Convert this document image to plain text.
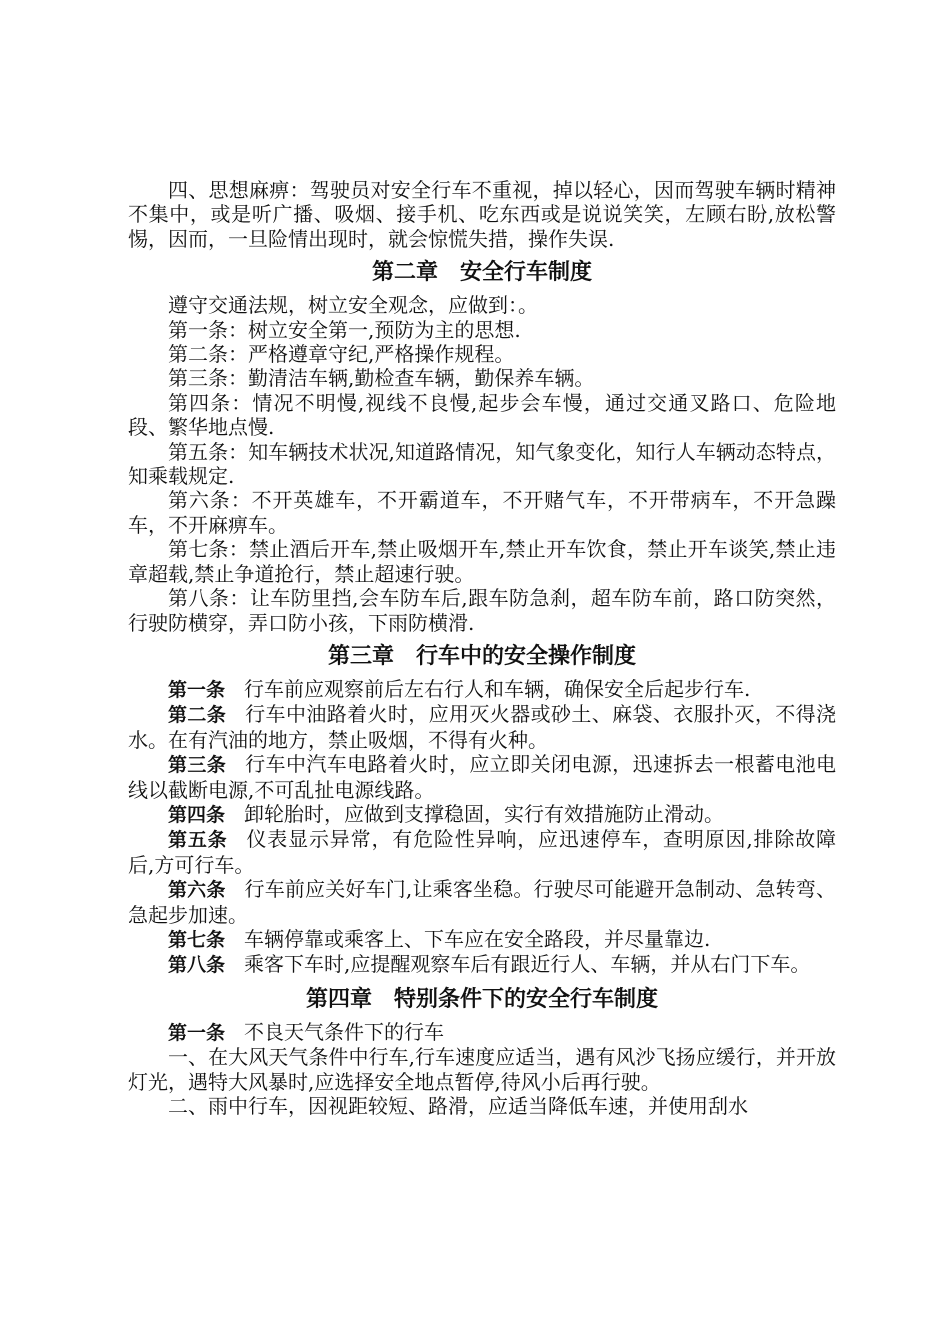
四、思想麻痹：驾驶员对安全行车不重视，掉以轻心，因而驾驶车辆时精神不集中，或是听广播、吸烟、接手机、吃东西或是说说笑笑，左顾右盼,放松警惕，因而，一旦险情出现时，就会惊慌失措，操作失误.

第二章　安全行车制度

遵守交通法规，树立安全观念，应做到：。

第一条：树立安全第一,预防为主的思想.

第二条：严格遵章守纪,严格操作规程。

第三条：勤清洁车辆,勤检查车辆，勤保养车辆。

第四条：情况不明慢,视线不良慢,起步会车慢，通过交通叉路口、危险地段、繁华地点慢.

第五条：知车辆技术状况,知道路情况，知气象变化，知行人车辆动态特点，知乘载规定.

第六条：不开英雄车，不开霸道车，不开赌气车，不开带病车，不开急躁车，不开麻痹车。

第七条：禁止酒后开车,禁止吸烟开车,禁止开车饮食，禁止开车谈笑,禁止违章超载,禁止争道抢行，禁止超速行驶。

第八条：让车防里挡,会车防车后,跟车防急刹，超车防车前，路口防突然，行驶防横穿，弄口防小孩，下雨防横滑.

第三章　行车中的安全操作制度

第一条 行车前应观察前后左右行人和车辆，确保安全后起步行车.

第二条 行车中油路着火时，应用灭火器或砂土、麻袋、衣服扑灭，不得浇水。在有汽油的地方，禁止吸烟，不得有火种。

第三条 行车中汽车电路着火时，应立即关闭电源，迅速拆去一根蓄电池电线以截断电源,不可乱扯电源线路。

第四条 卸轮胎时，应做到支撑稳固，实行有效措施防止滑动。

第五条 仪表显示异常，有危险性异响，应迅速停车，查明原因,排除故障后,方可行车。

第六条 行车前应关好车门,让乘客坐稳。行驶尽可能避开急制动、急转弯、急起步加速。

第七条 车辆停靠或乘客上、下车应在安全路段，并尽量靠边.

第八条 乘客下车时,应提醒观察车后有跟近行人、车辆，并从右门下车。

第四章　特别条件下的安全行车制度

第一条 不良天气条件下的行车

一、在大风天气条件中行车,行车速度应适当，遇有风沙飞扬应缓行，并开放灯光，遇特大风暴时,应选择安全地点暂停,待风小后再行驶。

二、雨中行车，因视距较短、路滑，应适当降低车速，并使用刮水
